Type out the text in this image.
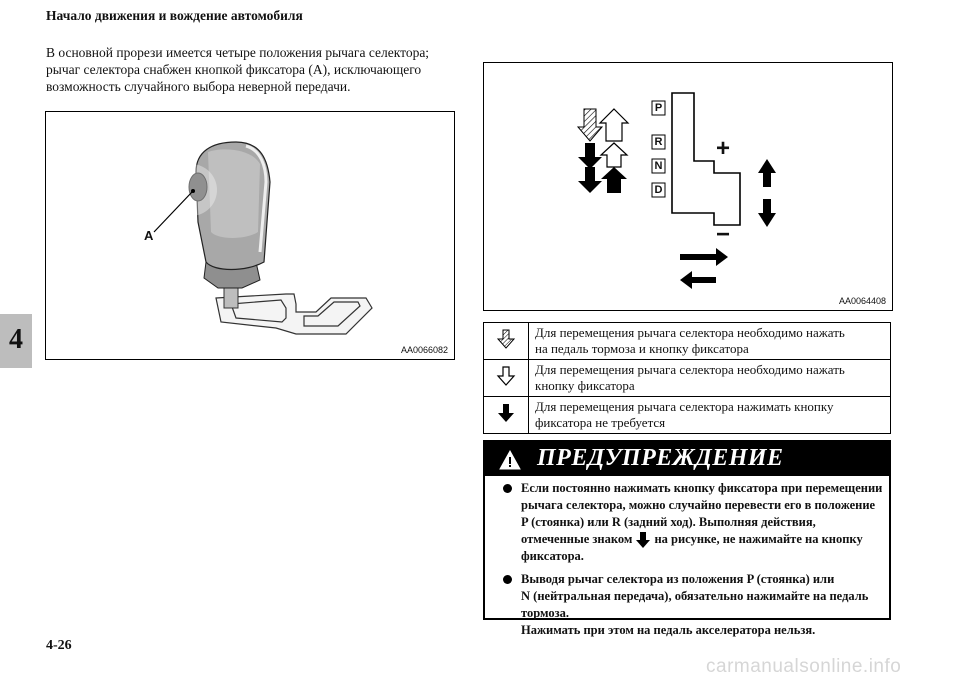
Начало движения и вождение автомобиля
В основной прорези имеется четыре положения рычага селектора;
рычаг селектора снабжен кнопкой фиксатора (A), исключающего
возможность случайного выбора неверной передачи.
4
A
AA0066082
P
R
N
D
+
−
AA0064408

Для перемещения рычага селектора необходимо нажать
на педаль тормоза и кнопку фиксатора

Для перемещения рычага селектора необходимо нажать
кнопку фиксатора

Для перемещения рычага селектора нажимать кнопку
фиксатора не требуется
ПРЕДУПРЕЖДЕНИЕ
Если постоянно нажимать кнопку фиксатора при перемещении
рычага селектора, можно случайно перевести его в положение
P (стоянка) или R (задний ход). Выполняя действия,
отмеченные знаком на рисунке, не нажимайте на кнопку
фиксатора.
Выводя рычаг селектора из положения P (стоянка) или
N (нейтральная передача), обязательно нажимайте на педаль
тормоза.
Нажимать при этом на педаль акселератора нельзя.
4-26
carmanualsonline.info
